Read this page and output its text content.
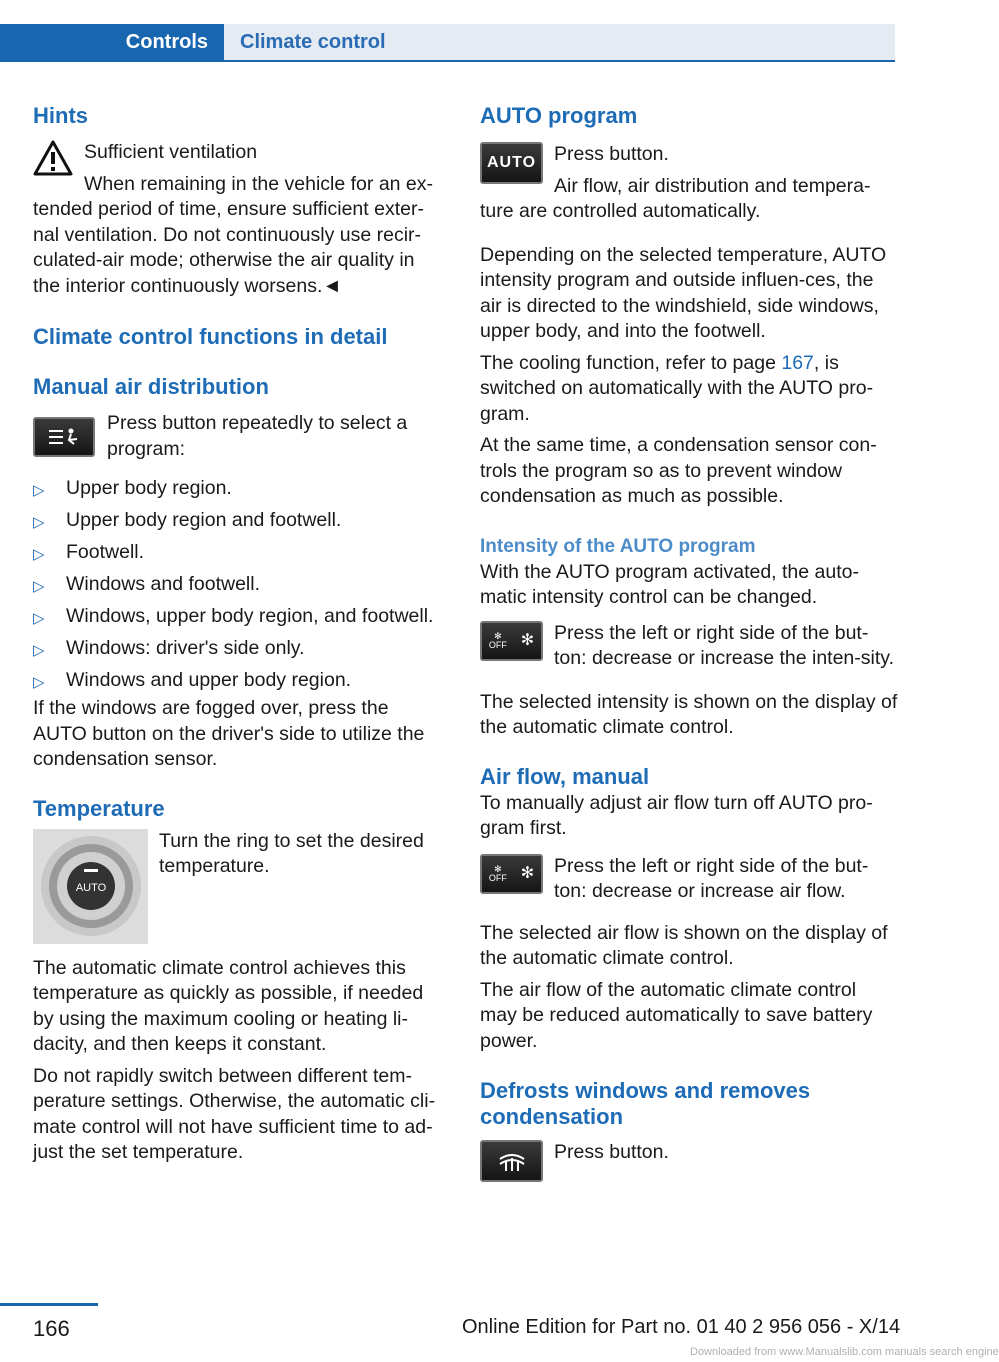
Controls	Climate control
Hints

Sufficient ventilation

When remaining in the vehicle for an ex-

tended period of time, ensure sufficient exter-nal ventilation. Do not continuously use recir-culated-air mode; otherwise the air quality in the interior continuously worsens.◄

Climate control functions in detail
Manual air distribution

Press button repeatedly to select a program:

▷	Upper body region.
▷	Upper body region and footwell.
▷	Footwell.
▷	Windows and footwell.
▷	Windows, upper body region, and footwell.
▷	Windows: driver's side only.
▷	Windows and upper body region.

If the windows are fogged over, press the AUTO button on the driver's side to utilize the condensation sensor.

Temperature
AUTO

Turn the ring to set the desired temperature.

The automatic climate control achieves this temperature as quickly as possible, if needed by using the maximum cooling or heating li-dacity, and then keeps it constant.

Do not rapidly switch between different tem-perature settings. Otherwise, the automatic cli-mate control will not have sufficient time to ad-just the set temperature.

AUTO program
AUTO Press button.

Air flow, air distribution and tempera-ture are controlled automatically.

Depending on the selected temperature, AUTO intensity program and outside influen-ces, the air is directed to the windshield, side windows, upper body, and into the footwell.

The cooling function, refer to page 167, is switched on automatically with the AUTO pro-gram.

At the same time, a condensation sensor con-trols the program so as to prevent window condensation as much as possible.

Intensity of the AUTO program

With the AUTO program activated, the auto-matic intensity control can be changed.

✻
OFF ✻	Press the left or right side of the but-ton: decrease or increase the inten-sity.

The selected intensity is shown on the display of the automatic climate control.

Air flow, manual

To manually adjust air flow turn off AUTO pro-gram first.

✻
OFF ✻	Press the left or right side of the but-ton: decrease or increase air flow.

The selected air flow is shown on the display of the automatic climate control.

The air flow of the automatic climate control may be reduced automatically to save battery power.

Defrosts windows and removes condensation

Press button.

166	Online Edition for Part no. 01 40 2 956 056 - X/14
Downloaded from www.Manualslib.com manuals search engine
